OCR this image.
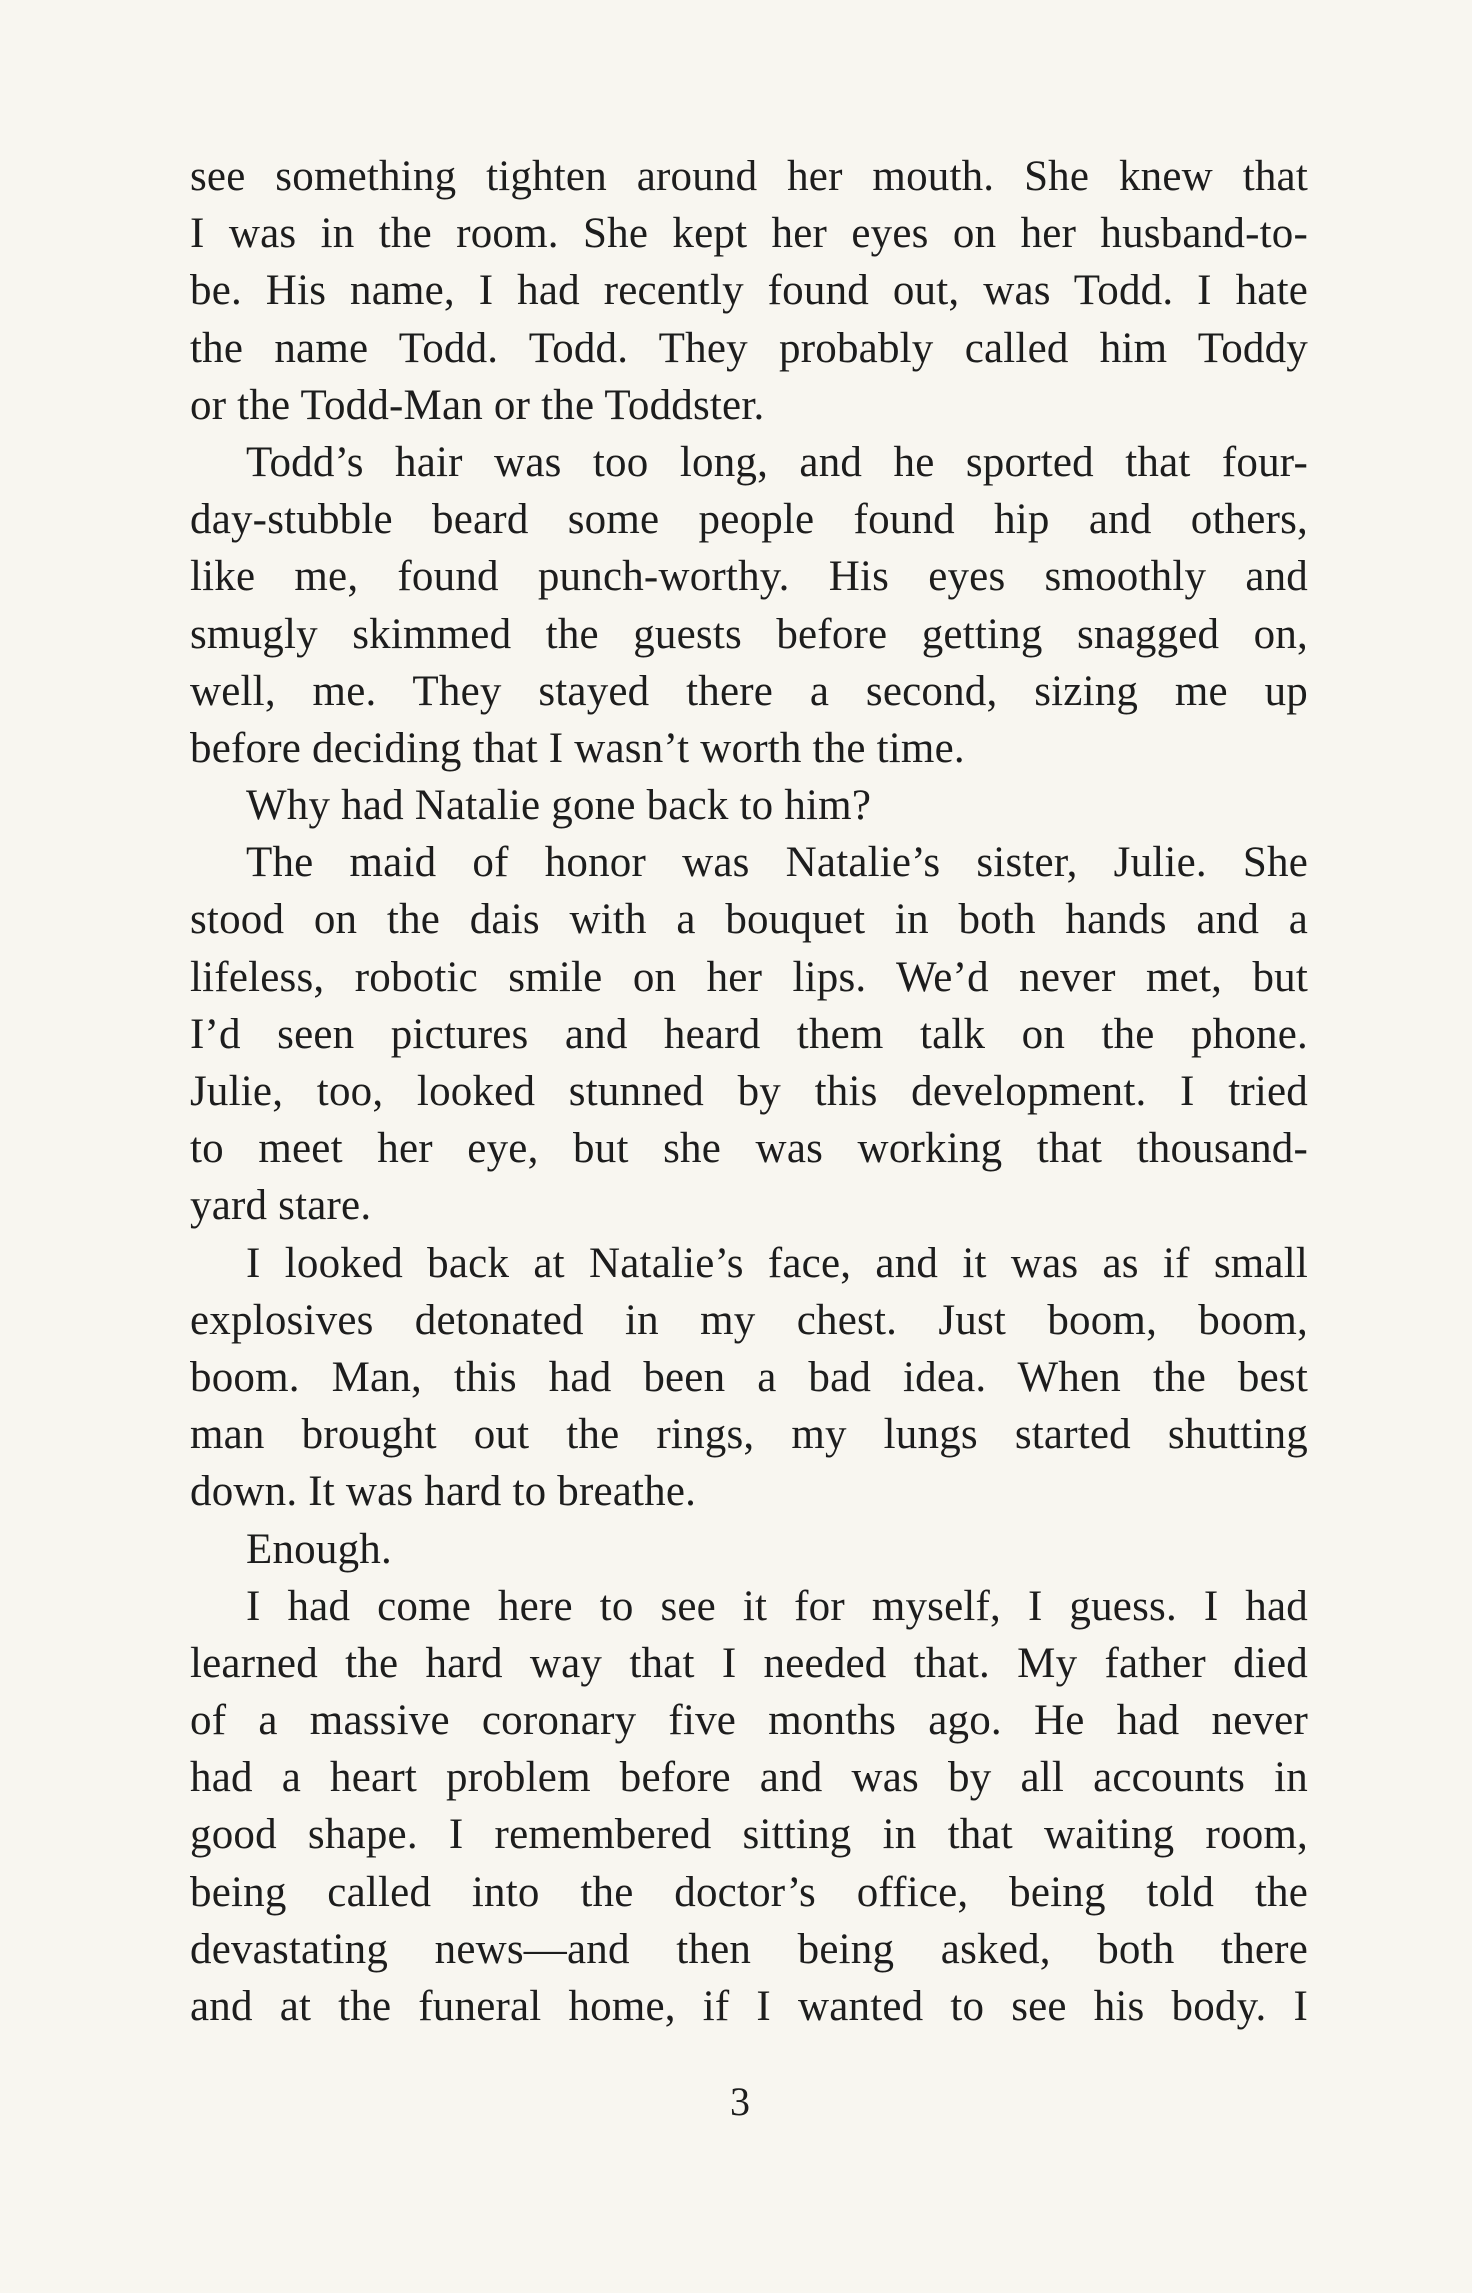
see something tighten around her mouth. She knew that
I was in the room. She kept her eyes on her husband-to-
be. His name, I had recently found out, was Todd. I hate
the name Todd. Todd. They probably called him Toddy
or the Todd-Man or the Toddster.
Todd’s hair was too long, and he sported that four-
day-stubble beard some people found hip and others,
like me, found punch-worthy. His eyes smoothly and
smugly skimmed the guests before getting snagged on,
well, me. They stayed there a second, sizing me up
before deciding that I wasn’t worth the time.
Why had Natalie gone back to him?
The maid of honor was Natalie’s sister, Julie. She
stood on the dais with a bouquet in both hands and a
lifeless, robotic smile on her lips. We’d never met, but
I’d seen pictures and heard them talk on the phone.
Julie, too, looked stunned by this development. I tried
to meet her eye, but she was working that thousand-
yard stare.
I looked back at Natalie’s face, and it was as if small
explosives detonated in my chest. Just boom, boom,
boom. Man, this had been a bad idea. When the best
man brought out the rings, my lungs started shutting
down. It was hard to breathe.
Enough.
I had come here to see it for myself, I guess. I had
learned the hard way that I needed that. My father died
of a massive coronary five months ago. He had never
had a heart problem before and was by all accounts in
good shape. I remembered sitting in that waiting room,
being called into the doctor’s office, being told the
devastating news—and then being asked, both there
and at the funeral home, if I wanted to see his body. I
3
